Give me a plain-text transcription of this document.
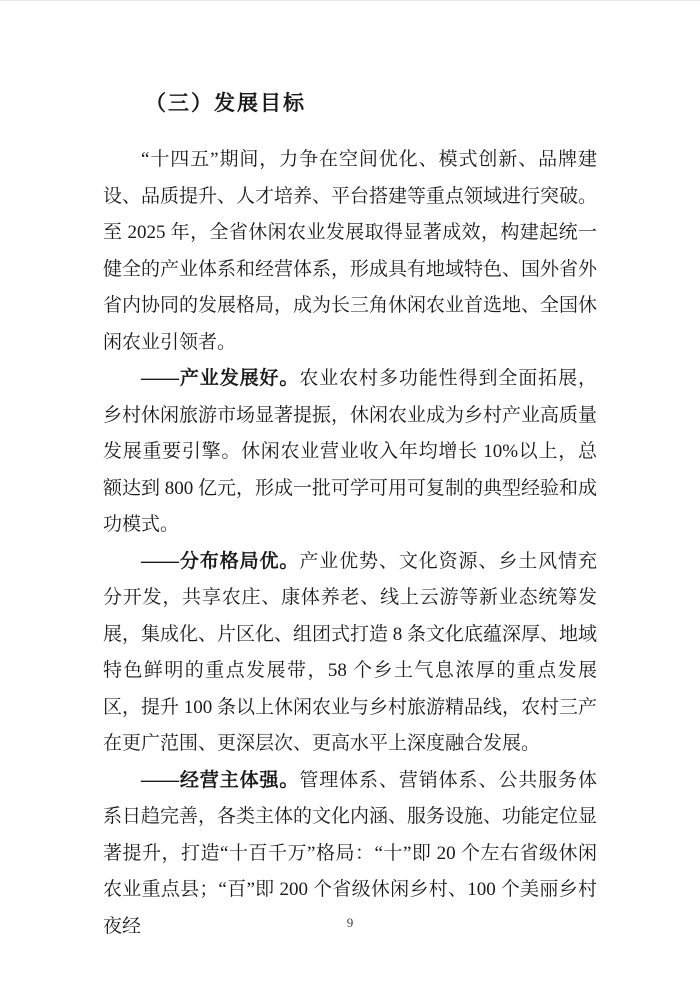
（三）发展目标

“十四五”期间，力争在空间优化、模式创新、品牌建设、品质提升、人才培养、平台搭建等重点领域进行突破。至 2025 年，全省休闲农业发展取得显著成效，构建起统一健全的产业体系和经营体系，形成具有地域特色、国外省外省内协同的发展格局，成为长三角休闲农业首选地、全国休闲农业引领者。

——产业发展好。农业农村多功能性得到全面拓展，乡村休闲旅游市场显著提振，休闲农业成为乡村产业高质量发展重要引擎。休闲农业营业收入年均增长 10%以上，总额达到 800 亿元，形成一批可学可用可复制的典型经验和成功模式。

——分布格局优。产业优势、文化资源、乡土风情充分开发，共享农庄、康体养老、线上云游等新业态统筹发展，集成化、片区化、组团式打造 8 条文化底蕴深厚、地域特色鲜明的重点发展带，58 个乡土气息浓厚的重点发展区，提升 100 条以上休闲农业与乡村旅游精品线，农村三产在更广范围、更深层次、更高水平上深度融合发展。

——经营主体强。管理体系、营销体系、公共服务体系日趋完善，各类主体的文化内涵、服务设施、功能定位显著提升，打造“十百千万”格局：“十”即 20 个左右省级休闲农业重点县；“百”即 200 个省级休闲乡村、100 个美丽乡村夜经	9
